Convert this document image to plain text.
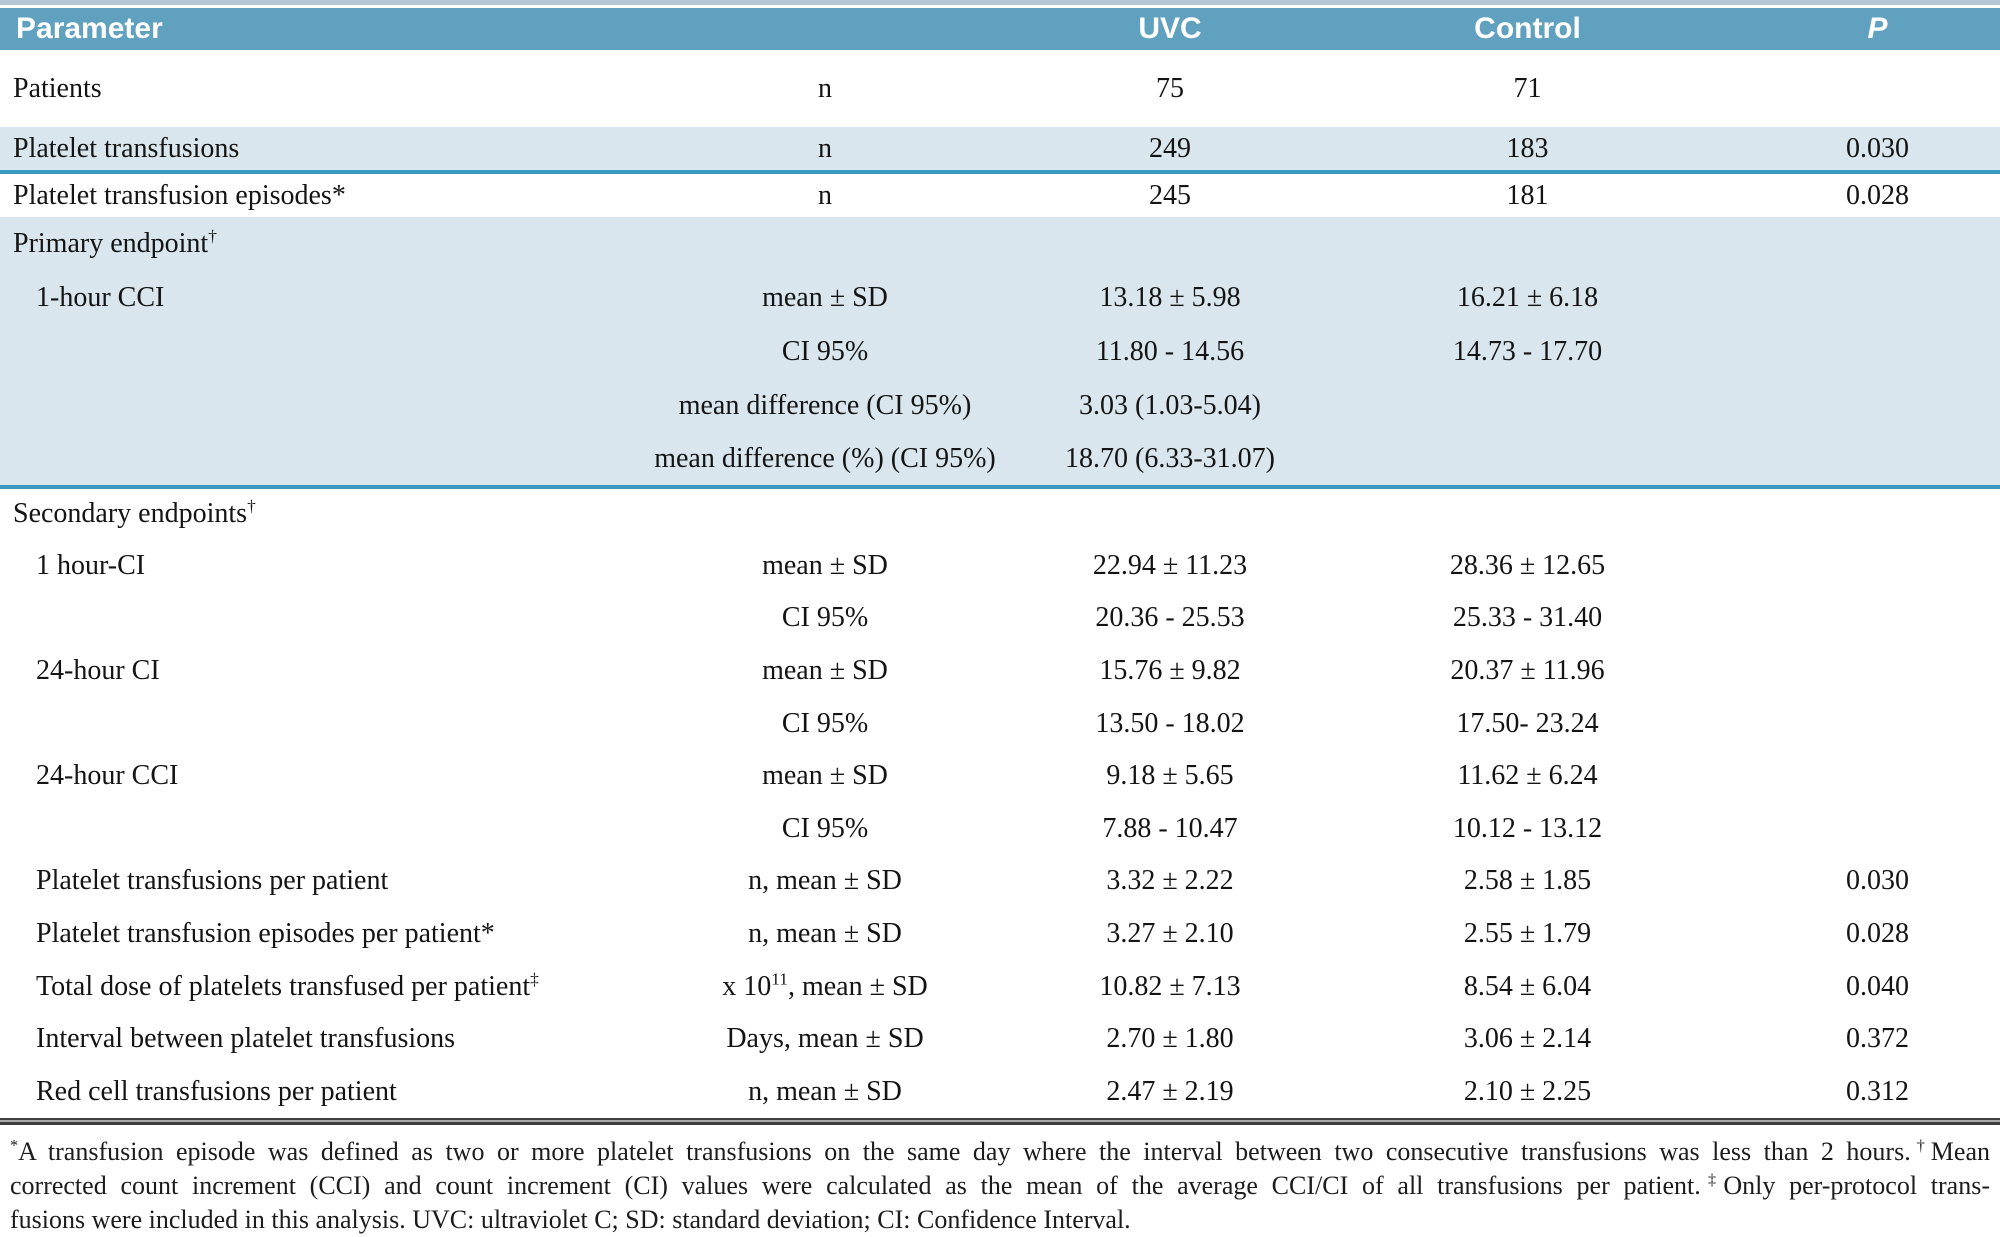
Parameter		UVC	Control	P
Patients	n	75	71	
Platelet transfusions	n	249	183	0.030
Platelet transfusion episodes*	n	245	181	0.028
Primary endpoint†				
1-hour CCI	mean ± SD	13.18 ± 5.98	16.21 ± 6.18	
	CI 95%	11.80 - 14.56	14.73 - 17.70	
	mean difference (CI 95%)	3.03 (1.03-5.04)		
	mean difference (%) (CI 95%)	18.70 (6.33-31.07)		
Secondary endpoints†				
1 hour-CI	mean ± SD	22.94 ± 11.23	28.36 ± 12.65	
	CI 95%	20.36 - 25.53	25.33 - 31.40	
24-hour CI	mean ± SD	15.76 ± 9.82	20.37 ± 11.96	
	CI 95%	13.50 - 18.02	17.50- 23.24	
24-hour CCI	mean ± SD	9.18 ± 5.65	11.62 ± 6.24	
	CI 95%	7.88 - 10.47	10.12 - 13.12	
Platelet transfusions per patient	n, mean ± SD	3.32 ± 2.22	2.58 ± 1.85	0.030
Platelet transfusion episodes per patient*	n, mean ± SD	3.27 ± 2.10	2.55 ± 1.79	0.028
Total dose of platelets transfused per patient‡	x $10^{11}$, mean ± SD	10.82 ± 7.13	8.54 ± 6.04	0.040
Interval between platelet transfusions	Days, mean ± SD	2.70 ± 1.80	3.06 ± 2.14	0.372
Red cell transfusions per patient	n, mean ± SD	2.47 ± 2.19	2.10 ± 2.25	0.312
*A transfusion episode was defined as two or more platelet transfusions on the same day where the interval between two consecutive transfusions was less than 2 hours.†Mean
corrected count increment (CCI) and count increment (CI) values were calculated as the mean of the average CCI/CI of all transfusions per patient.‡Only per-protocol trans-
fusions were included in this analysis. UVC: ultraviolet C; SD: standard deviation; CI: Confidence Interval.
